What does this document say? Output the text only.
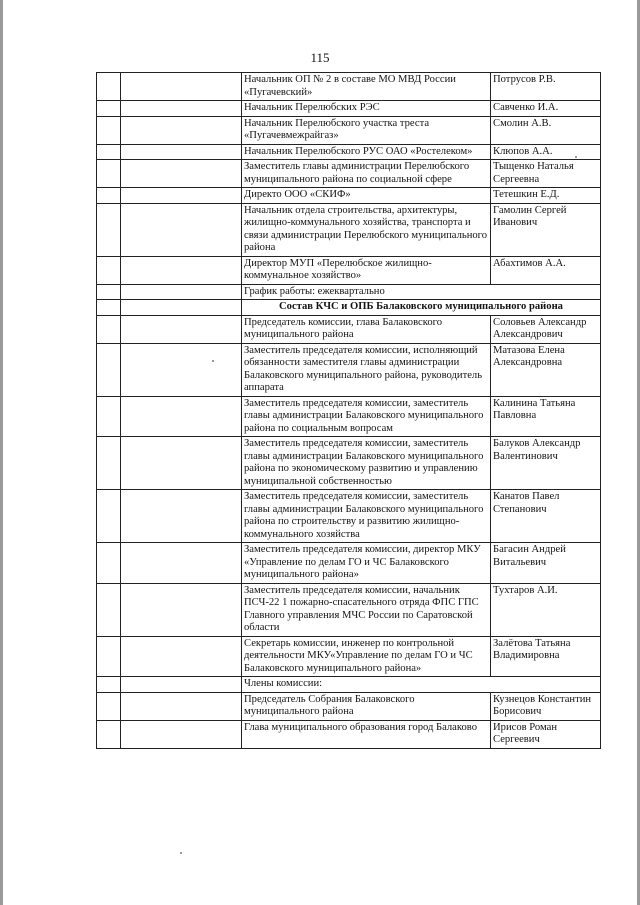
115
		Начальник ОП № 2 в составе МО МВД России «Пугачевский»	Потрусов Р.В.
		Начальник Перелюбских РЭС	Савченко И.А.
		Начальник Перелюбского участка треста «Пугачевмежрайгаз»	Смолин А.В.
		Начальник Перелюбского РУС ОАО «Ростелеком»	Клюпов А.А.
		Заместитель главы администрации Перелюбского муниципального района по социальной сфере	Тыщенко Наталья Сергеевна
		Директо ООО «СКИФ»	Тетешкин Е.Д.
		Начальник отдела строительства, архитектуры, жилищно-коммунального хозяйства, транспорта и связи администрации Перелюбского муниципального района	Гамолин Сергей Иванович
		Директор МУП «Перелюбское жилищно-коммунальное хозяйство»	Абахтимов А.А.
		График работы: ежеквартально	
		Состав КЧС и ОПБ Балаковского муниципального района	
		Председатель комиссии, глава Балаковского муниципального района	Соловьев Александр Александрович
		Заместитель председателя комиссии, исполняющий обязанности заместителя главы администрации Балаковского муниципального района, руководитель аппарата	Матазова Елена Александровна
		Заместитель председателя комиссии, заместитель главы администрации Балаковского муниципального района по социальным вопросам	Калинина Татьяна Павловна
		Заместитель председателя комиссии, заместитель главы администрации Балаковского муниципального района по экономическому развитию и управлению муниципальной собственностью	Балуков Александр Валентинович
		Заместитель председателя комиссии, заместитель главы администрации Балаковского муниципального района по строительству и развитию жилищно-коммунального хозяйства	Канатов Павел Степанович
		Заместитель председателя комиссии, директор МКУ «Управление по делам ГО и ЧС Балаковского муниципального района»	Багасин Андрей Витальевич
		Заместитель председателя комиссии, начальник ПСЧ-22 1 пожарно-спасательного отряда ФПС ГПС Главного управления МЧС России по Саратовской области	Тухтаров А.И.
		Секретарь комиссии, инженер по контрольной деятельности МКУ«Управление по делам ГО и ЧС Балаковского муниципального района»	Залётова Татьяна Владимировна
		Члены комиссии:	
		Председатель Собрания Балаковского муниципального района	Кузнецов Константин Борисович
		Глава муниципального образования город Балаково	Ирисов Роман Сергеевич
